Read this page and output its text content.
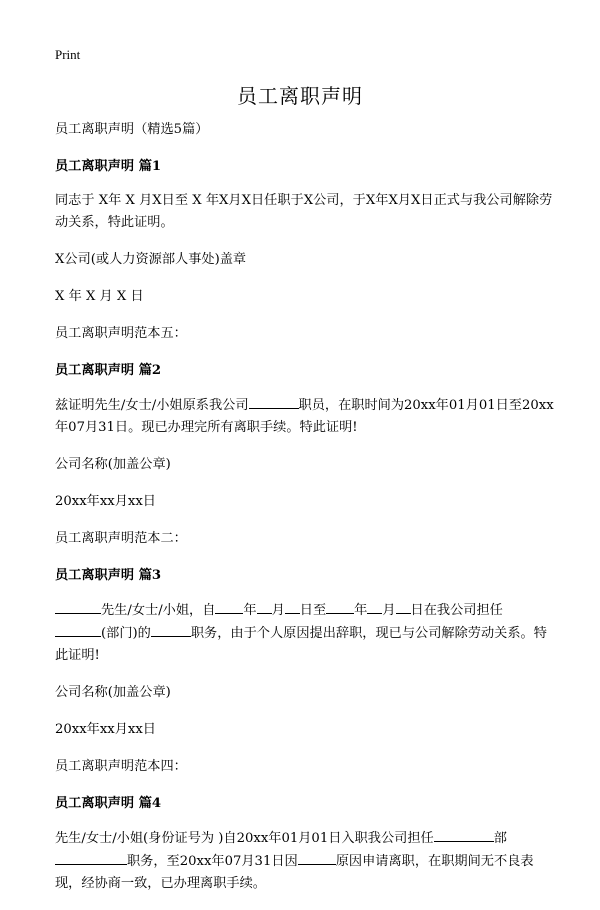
Print
员工离职声明

员工离职声明（精选5篇）

员工离职声明 篇1

同志于 X年 X 月X日至 X 年X月X日任职于X公司，于X年X月X日正式与我公司解除劳动关系，特此证明。

X公司(或人力资源部人事处)盖章

X 年 X 月 X 日

员工离职声明范本五：

员工离职声明 篇2

兹证明先生/女士/小姐原系我公司	职员，在职时间为20xx年01月01日至20xx年07月31日。现已办理完所有离职手续。特此证明!

公司名称(加盖公章)

20xx年xx月xx日

员工离职声明范本二：

员工离职声明 篇3

先生/女士/小姐，自 年 月 日至 年 月 日在我公司担任
(部门)的	职务，由于个人原因提出辞职，现已与公司解除劳动关系。特此证明!

公司名称(加盖公章)

20xx年xx月xx日

员工离职声明范本四：

员工离职声明 篇4

先生/女士/小姐(身份证号为 )自20xx年01月01日入职我公司担任	部
职务，至20xx年07月31日因	原因申请离职，在职期间无不良表现，经协商一致，已办理离职手续。
